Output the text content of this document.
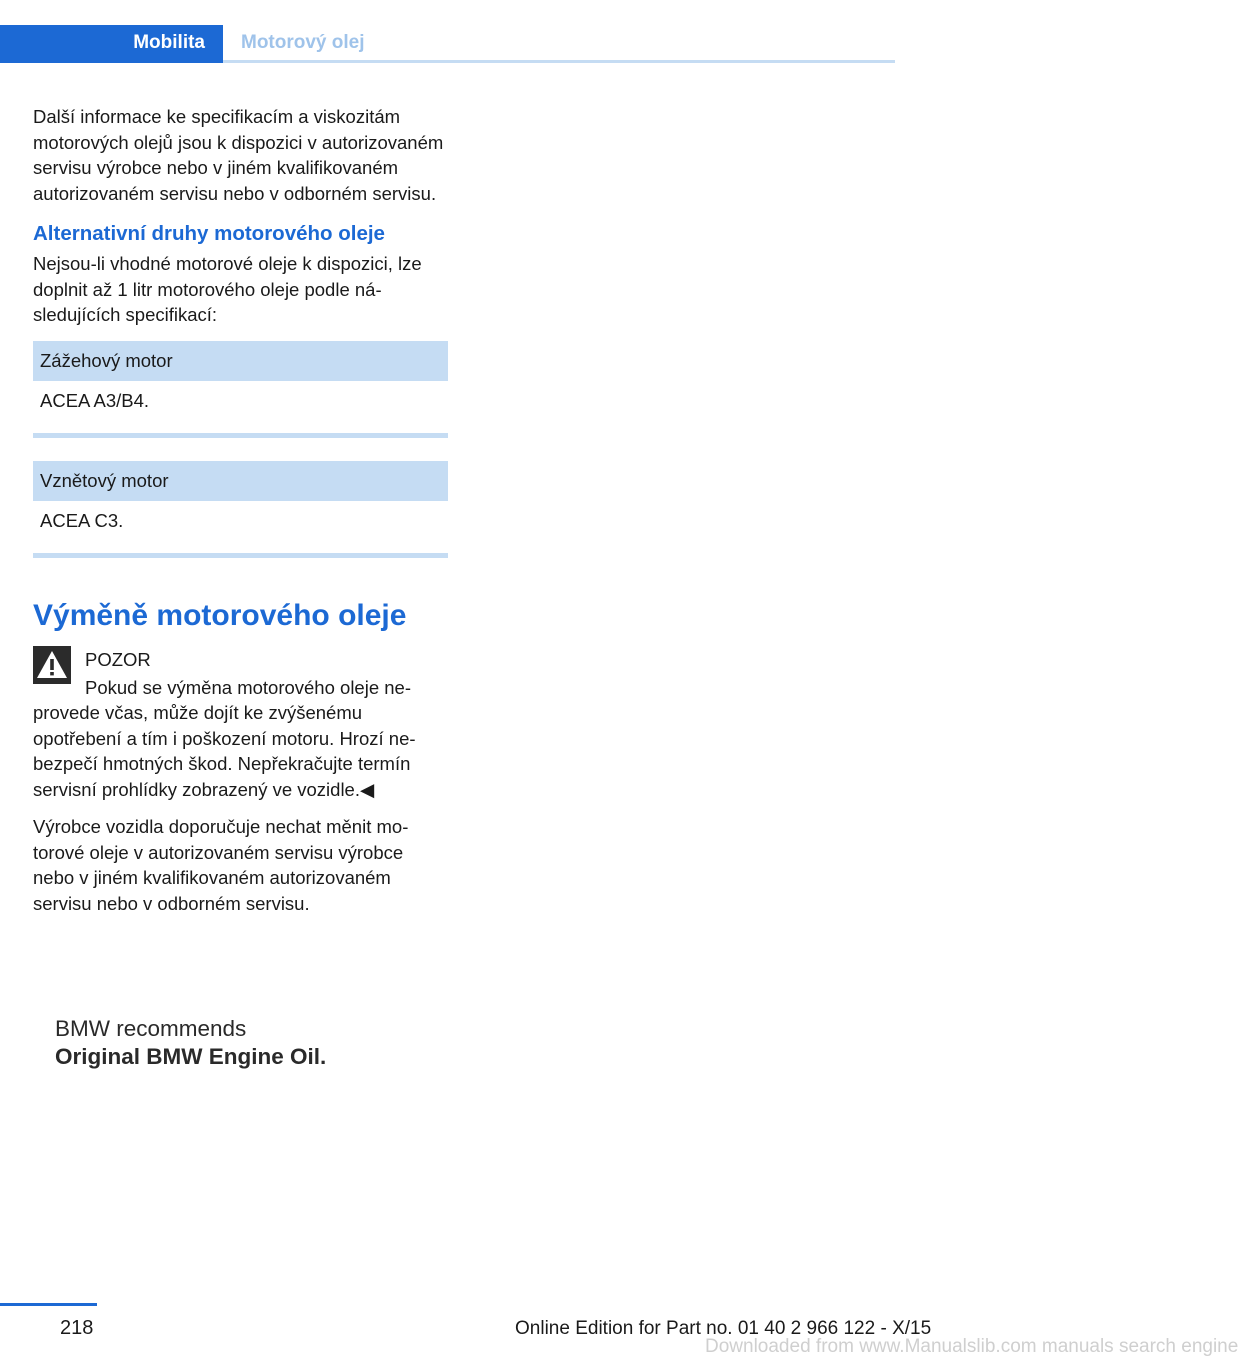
Mobilita	Motorový olej

Další informace ke specifikacím a viskozitám motorových olejů jsou k dispozici v autorizovaném servisu výrobce nebo v jiném kvalifikovaném autorizovaném servisu nebo v odborném servisu.

Alternativní druhy motorového oleje

Nejsou-li vhodné motorové oleje k dispozici, lze doplnit až 1 litr motorového oleje podle následujících specifikací:

Zážehový motor
ACEA A3/B4.
Vznětový motor
ACEA C3.
Výměně motorového oleje

POZOR

Pokud se výměna motorového oleje neprovede včas, může dojít ke zvýšenému opotřebení a tím i poškození motoru. Hrozí nebezpečí hmotných škod. Nepřekračujte termín servisní prohlídky zobrazený ve vozidle.◀

Výrobce vozidla doporučuje nechat měnit motorové oleje v autorizovaném servisu výrobce nebo v jiném kvalifikovaném autorizovaném servisu nebo v odborném servisu.

BMW recommends
Original BMW Engine Oil.
218	Online Edition for Part no. 01 40 2 966 122 - X/15
Downloaded from www.Manualslib.com manuals search engine
